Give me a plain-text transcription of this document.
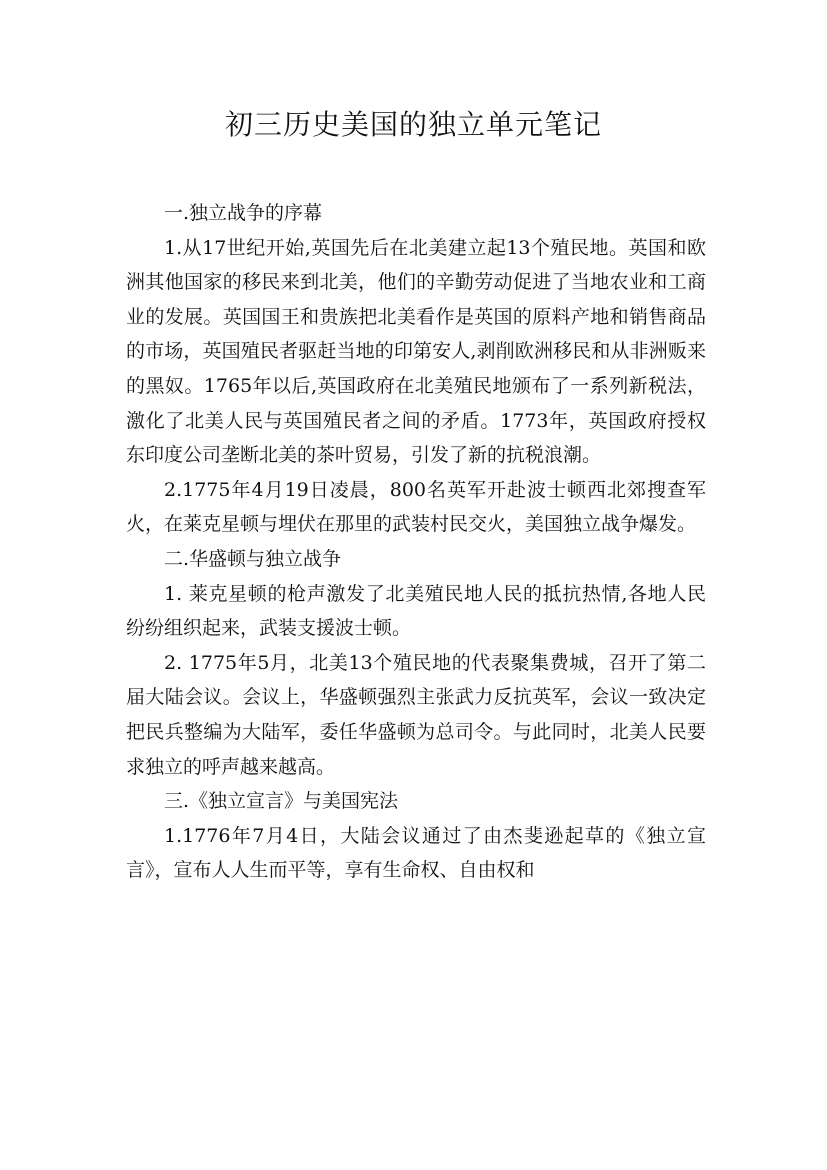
初三历史美国的独立单元笔记

一.独立战争的序幕

1.从17世纪开始,英国先后在北美建立起13个殖民地。英国和欧洲其他国家的移民来到北美，他们的辛勤劳动促进了当地农业和工商业的发展。英国国王和贵族把北美看作是英国的原料产地和销售商品的市场，英国殖民者驱赶当地的印第安人,剥削欧洲移民和从非洲贩来的黑奴。1765年以后,英国政府在北美殖民地颁布了一系列新税法，激化了北美人民与英国殖民者之间的矛盾。1773年，英国政府授权东印度公司垄断北美的茶叶贸易，引发了新的抗税浪潮。

2.1775年4月19日凌晨，800名英军开赴波士顿西北郊搜查军火，在莱克星顿与埋伏在那里的武装村民交火，美国独立战争爆发。

二.华盛顿与独立战争

1. 莱克星顿的枪声激发了北美殖民地人民的抵抗热情,各地人民纷纷组织起来，武装支援波士顿。

2. 1775年5月，北美13个殖民地的代表聚集费城，召开了第二届大陆会议。会议上，华盛顿强烈主张武力反抗英军，会议一致决定把民兵整编为大陆军，委任华盛顿为总司令。与此同时，北美人民要求独立的呼声越来越高。

三.《独立宣言》与美国宪法

1.1776年7月4日，大陆会议通过了由杰斐逊起草的《独立宣言》，宣布人人生而平等，享有生命权、自由权和
